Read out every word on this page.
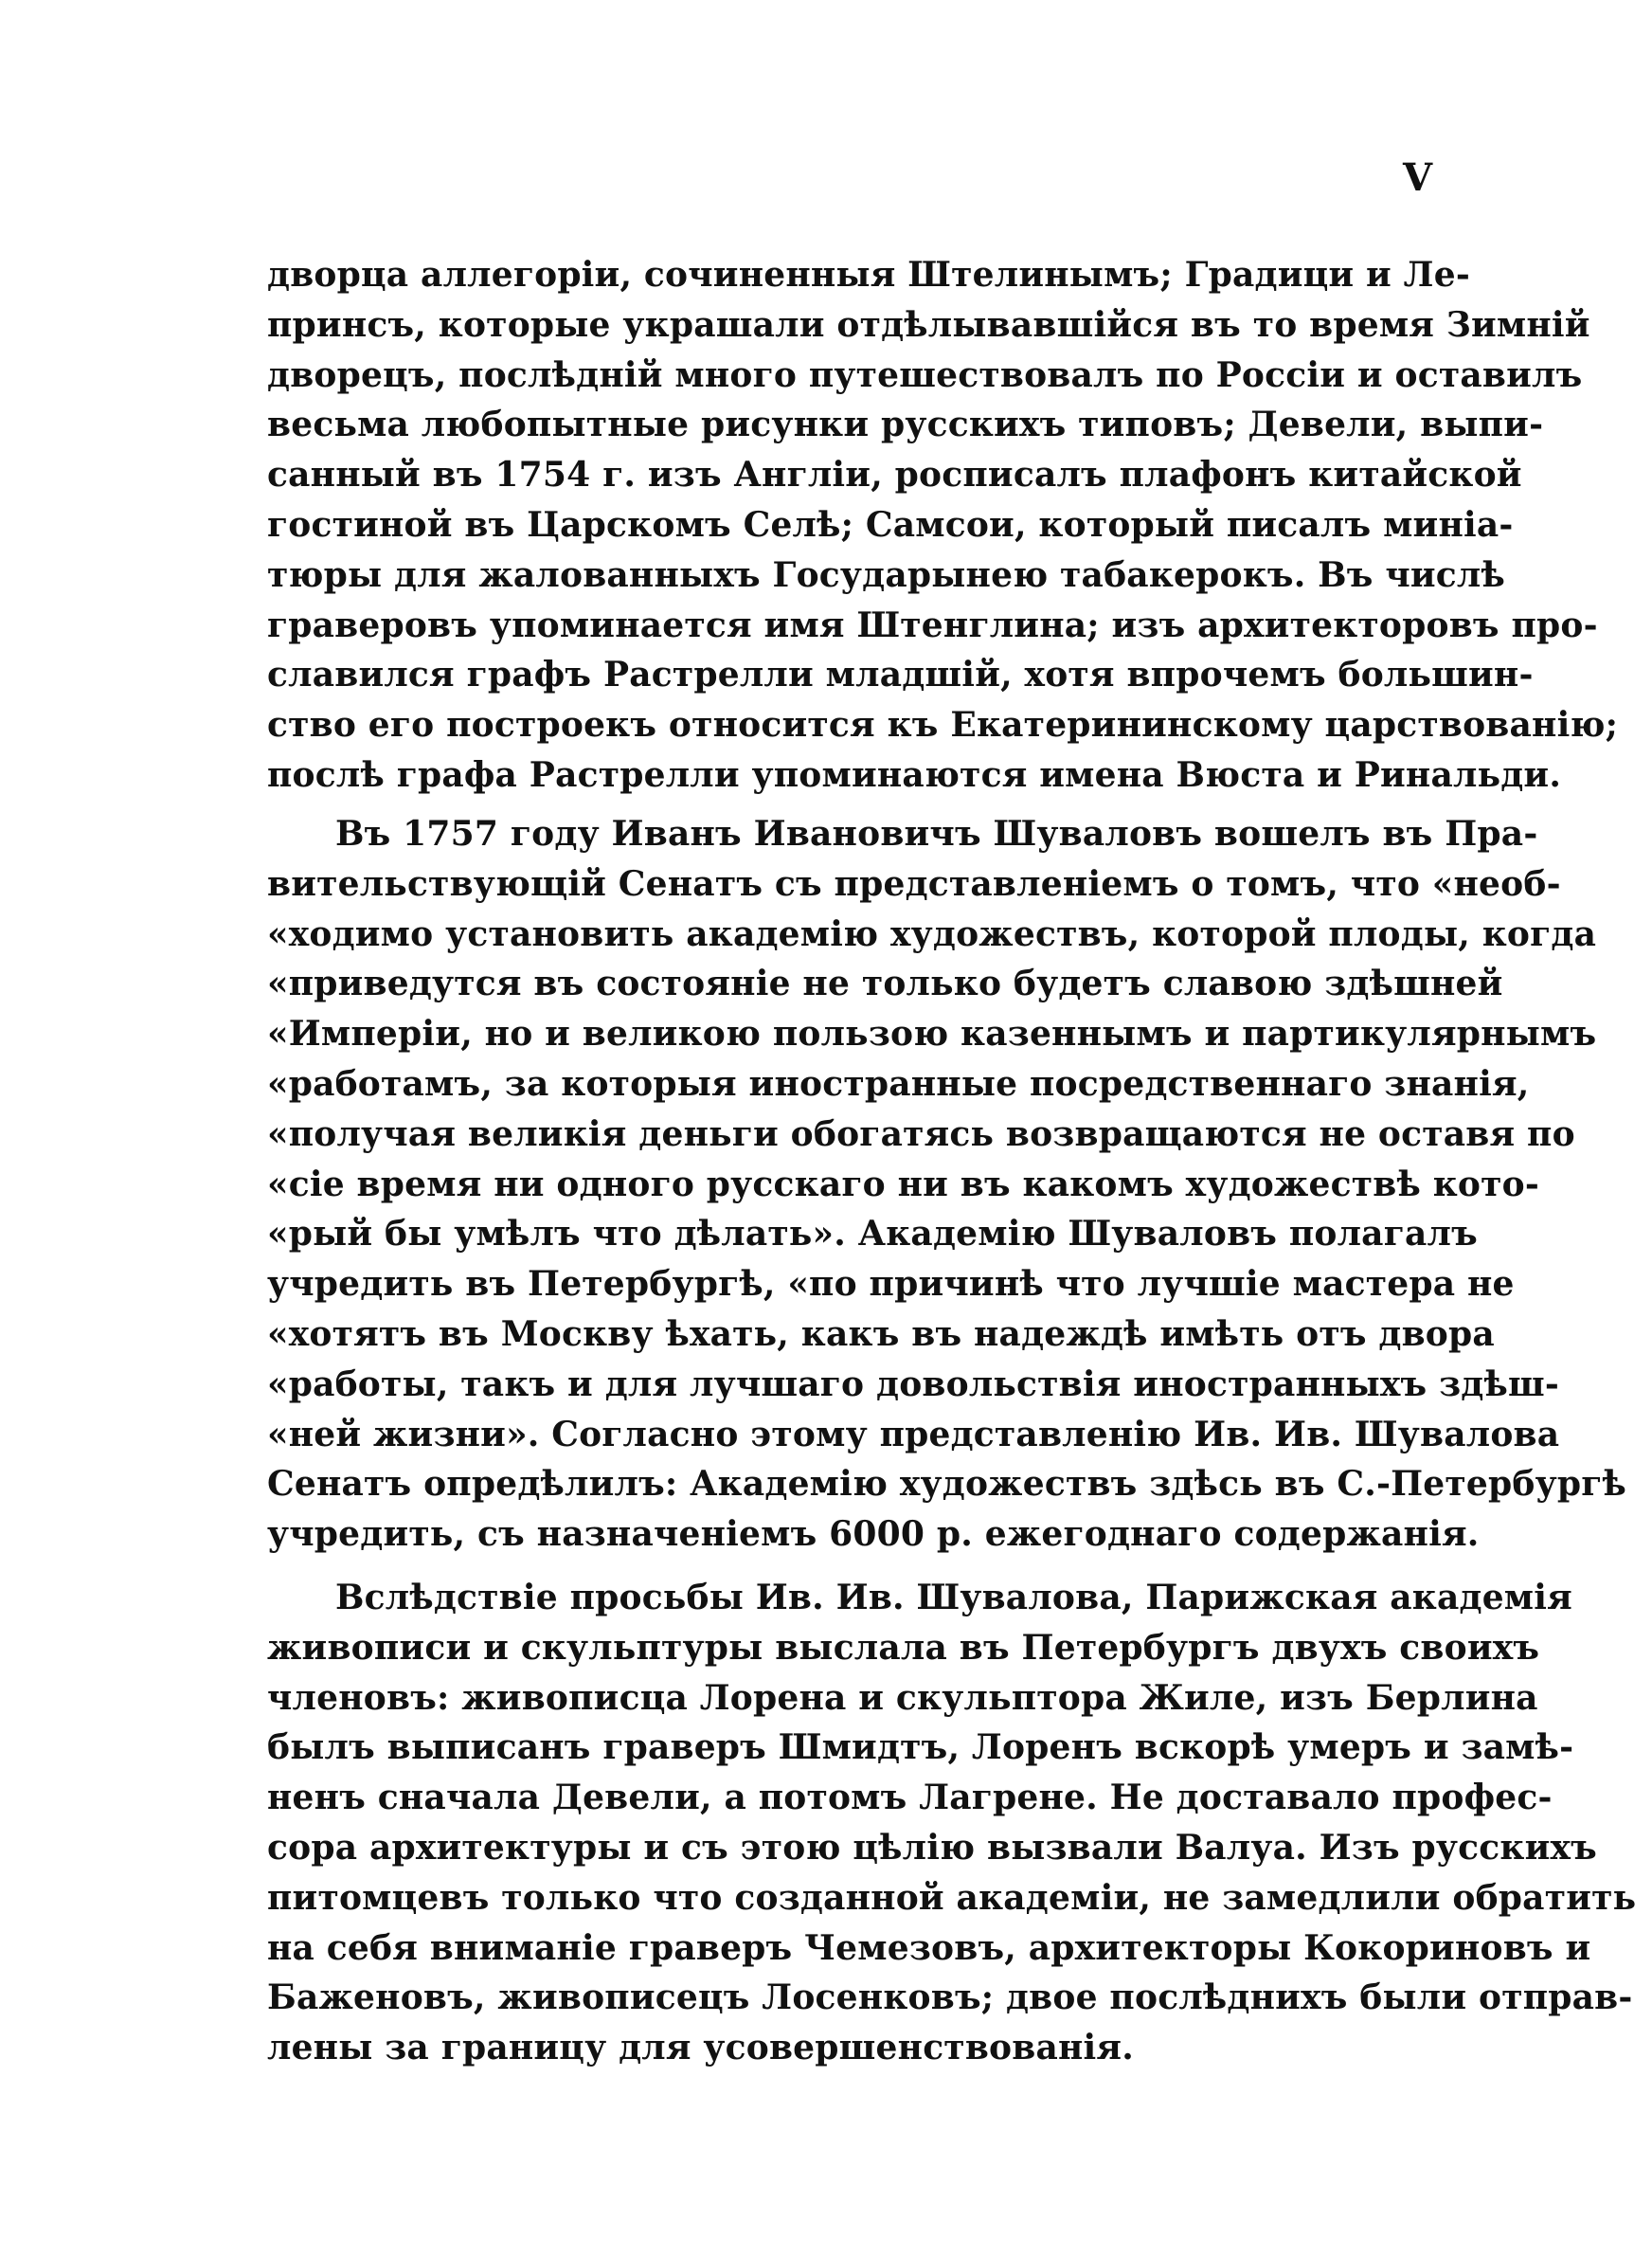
V
дворца аллегоріи, сочиненныя Штелинымъ; Градици и Ле-
принсъ, которые украшали отдѣлывавшійся въ то время Зимній
дворецъ, послѣдній много путешествовалъ по Россіи и оставилъ
весьма любопытные рисунки русскихъ типовъ; Девели, выпи-
санный въ 1754 г. изъ Англіи, росписалъ плафонъ китайской
гостиной въ Царскомъ Селѣ; Самсои, который писалъ миніа-
тюры для жалованныхъ Государынею табакерокъ. Въ числѣ
граверовъ упоминается имя Штенглина; изъ архитекторовъ про-
славился графъ Растрелли младшій, хотя впрочемъ большин-
ство его построекъ относится къ Екатерининскому царствованію;
послѣ графа Растрелли упоминаются имена Вюста и Ринальди.
Въ 1757 году Иванъ Ивановичъ Шуваловъ вошелъ въ Пра-
вительствующій Сенатъ съ представленіемъ о томъ, что «необ-
«ходимо установить академію художествъ, которой плоды, когда
«приведутся въ состояніе не только будетъ славою здѣшней
«Имперіи, но и великою пользою казеннымъ и партикулярнымъ
«работамъ, за которыя иностранные посредственнаго знанія,
«получая великія деньги обогатясь возвращаются не оставя по
«сіе время ни одного русскаго ни въ какомъ художествѣ кото-
«рый бы умѣлъ что дѣлать». Академію Шуваловъ полагалъ
учредить въ Петербургѣ, «по причинѣ что лучшіе мастера не
«хотятъ въ Москву ѣхать, какъ въ надеждѣ имѣть отъ двора
«работы, такъ и для лучшаго довольствія иностранныхъ здѣш-
«ней жизни». Согласно этому представленію Ив. Ив. Шувалова
Сенатъ опредѣлилъ: Академію художествъ здѣсь въ С.-Петербургѣ
учредить, съ назначеніемъ 6000 р. ежегоднаго содержанія.
Вслѣдствіе просьбы Ив. Ив. Шувалова, Парижская академія
живописи и скульптуры выслала въ Петербургъ двухъ своихъ
членовъ: живописца Лорена и скульптора Жиле, изъ Берлина
былъ выписанъ граверъ Шмидтъ, Лоренъ вскорѣ умеръ и замѣ-
ненъ сначала Девели, а потомъ Лагрене. Не доставало профес-
сора архитектуры и съ этою цѣлію вызвали Валуа. Изъ русскихъ
питомцевъ только что созданной академіи, не замедлили обратить
на себя вниманіе граверъ Чемезовъ, архитекторы Кокориновъ и
Баженовъ, живописецъ Лосенковъ; двое послѣднихъ были отправ-
лены за границу для усовершенствованія.
